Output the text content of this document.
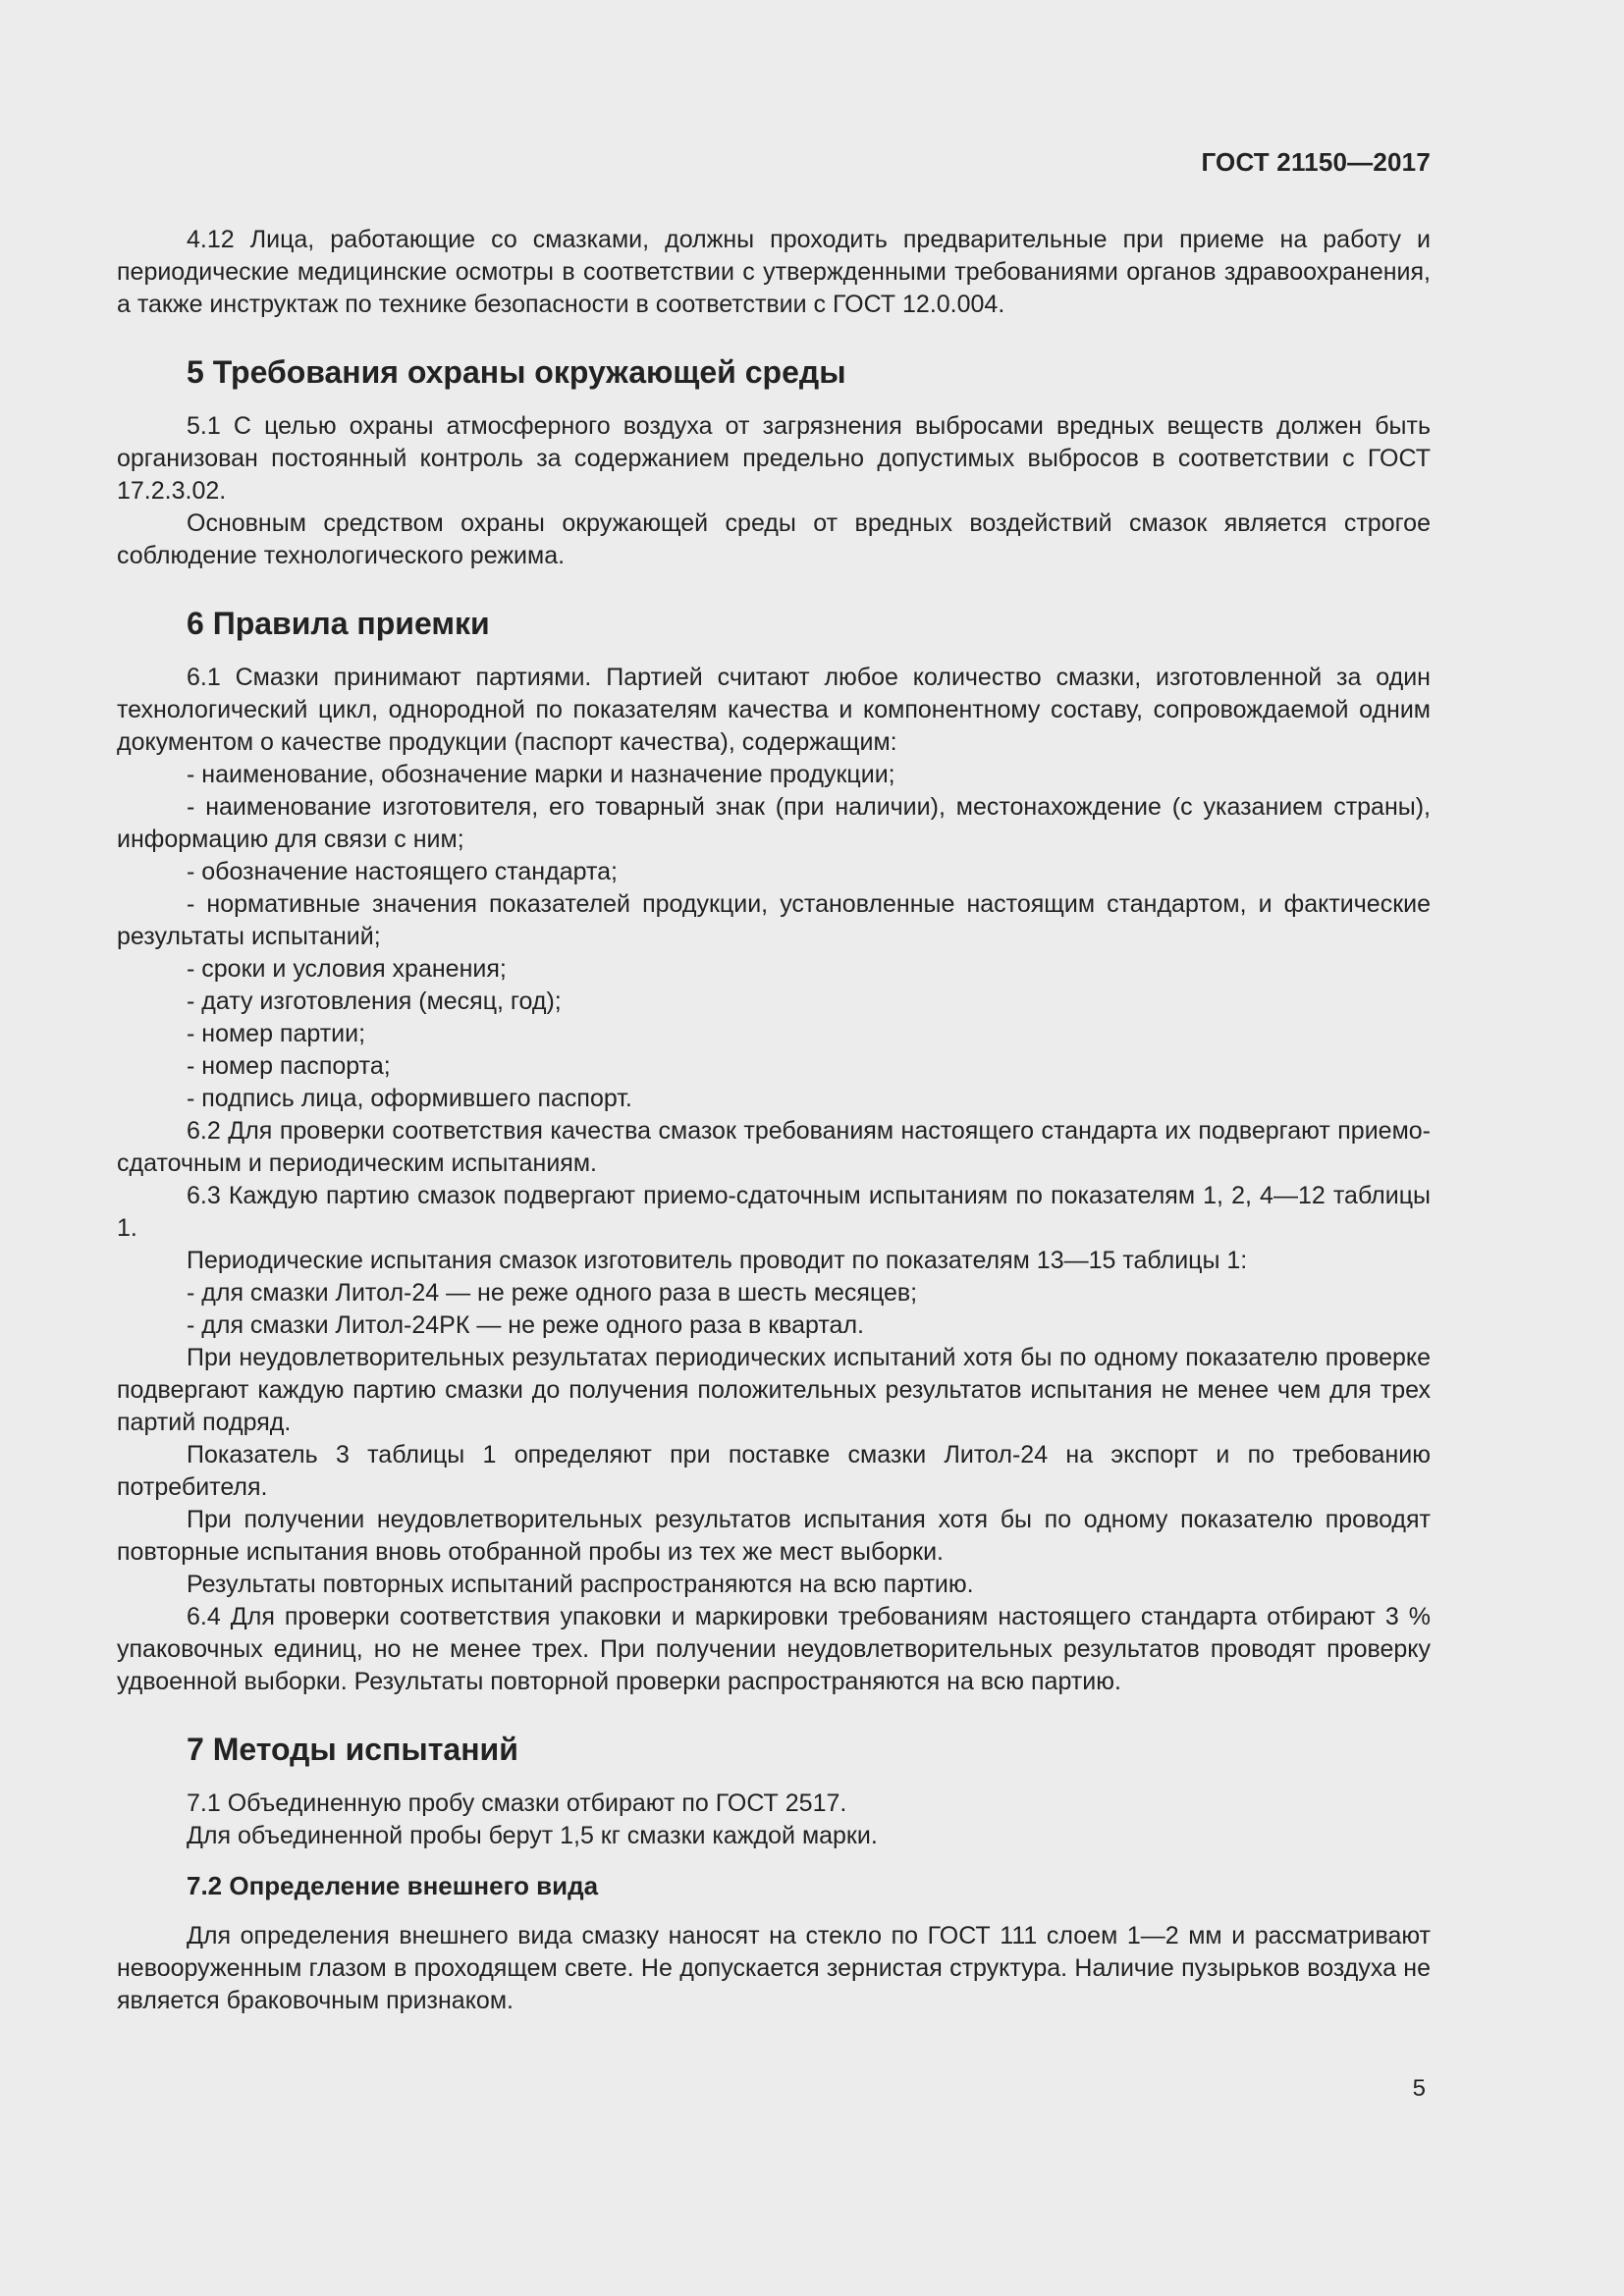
ГОСТ 21150—2017

4.12 Лица, работающие со смазками, должны проходить предварительные при приеме на работу и периодические медицинские осмотры в соответствии с утвержденными требованиями органов здравоохранения, а также инструктаж по технике безопасности в соответствии с ГОСТ 12.0.004.

5 Требования охраны окружающей среды

5.1 С целью охраны атмосферного воздуха от загрязнения выбросами вредных веществ должен быть организован постоянный контроль за содержанием предельно допустимых выбросов в соответствии с ГОСТ 17.2.3.02.

Основным средством охраны окружающей среды от вредных воздействий смазок является строгое соблюдение технологического режима.

6 Правила приемки

6.1 Смазки принимают партиями. Партией считают любое количество смазки, изготовленной за один технологический цикл, однородной по показателям качества и компонентному составу, сопровождаемой одним документом о качестве продукции (паспорт качества), содержащим:

- наименование, обозначение марки и назначение продукции;

- наименование изготовителя, его товарный знак (при наличии), местонахождение (с указанием страны), информацию для связи с ним;

- обозначение настоящего стандарта;

- нормативные значения показателей продукции, установленные настоящим стандартом, и фактические результаты испытаний;

- сроки и условия хранения;

- дату изготовления (месяц, год);

- номер партии;

- номер паспорта;

- подпись лица, оформившего паспорт.

6.2 Для проверки соответствия качества смазок требованиям настоящего стандарта их подвергают приемо-сдаточным и периодическим испытаниям.

6.3 Каждую партию смазок подвергают приемо-сдаточным испытаниям по показателям 1, 2, 4—12 таблицы 1.

Периодические испытания смазок изготовитель проводит по показателям 13—15 таблицы 1:

- для смазки Литол-24 — не реже одного раза в шесть месяцев;

- для смазки Литол-24РК — не реже одного раза в квартал.

При неудовлетворительных результатах периодических испытаний хотя бы по одному показателю проверке подвергают каждую партию смазки до получения положительных результатов испытания не менее чем для трех партий подряд.

Показатель 3 таблицы 1 определяют при поставке смазки Литол-24 на экспорт и по требованию потребителя.

При получении неудовлетворительных результатов испытания хотя бы по одному показателю проводят повторные испытания вновь отобранной пробы из тех же мест выборки.

Результаты повторных испытаний распространяются на всю партию.

6.4 Для проверки соответствия упаковки и маркировки требованиям настоящего стандарта отбирают 3 % упаковочных единиц, но не менее трех. При получении неудовлетворительных результатов проводят проверку удвоенной выборки. Результаты повторной проверки распространяются на всю партию.

7 Методы испытаний

7.1 Объединенную пробу смазки отбирают по ГОСТ 2517.

Для объединенной пробы берут 1,5 кг смазки каждой марки.

7.2 Определение внешнего вида

Для определения внешнего вида смазку наносят на стекло по ГОСТ 111 слоем 1—2 мм и рассматривают невооруженным глазом в проходящем свете. Не допускается зернистая структура. Наличие пузырьков воздуха не является браковочным признаком.

5
